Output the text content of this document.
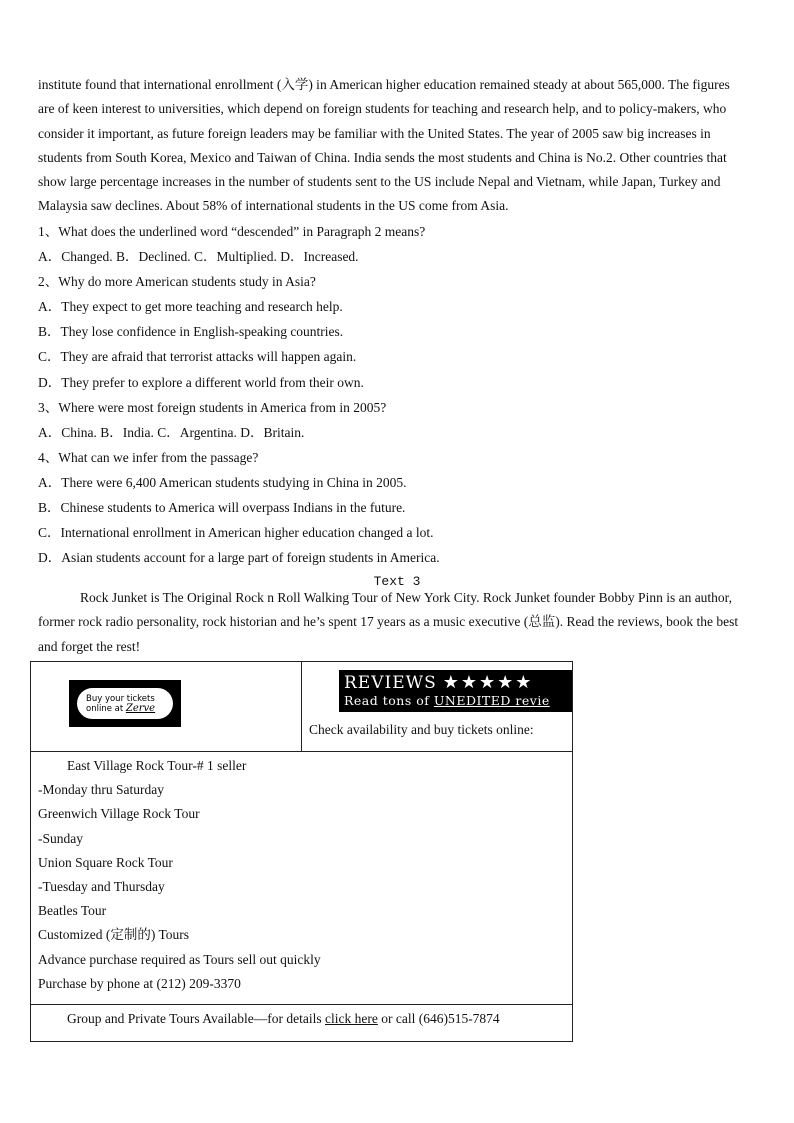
institute found that international enrollment (入学) in American higher education remained steady at about 565,000. The figures are of keen interest to universities, which depend on foreign students for teaching and research help, and to policy-makers, who consider it important, as future foreign leaders may be familiar with the United States. The year of 2005 saw big increases in students from South Korea, Mexico and Taiwan of China. India sends the most students and China is No.2. Other countries that show large percentage increases in the number of students sent to the US include Nepal and Vietnam, while Japan, Turkey and Malaysia saw declines. About 58% of international students in the US come from Asia.

1、What does the underlined word “descended” in Paragraph 2 means?
A．Changed. B．Declined. C．Multiplied. D．Increased.
2、Why do more American students study in Asia?
A．They expect to get more teaching and research help.
B．They lose confidence in English-speaking countries.
C．They are afraid that terrorist attacks will happen again.
D．They prefer to explore a different world from their own.
3、Where were most foreign students in America from in 2005?
A．China. B．India. C．Argentina. D．Britain.
4、What can we infer from the passage?
A．There were 6,400 American students studying in China in 2005.
B．Chinese students to America will overpass Indians in the future.
C．International enrollment in American higher education changed a lot.
D．Asian students account for a large part of foreign students in America.
Text 3

Rock Junket is The Original Rock n Roll Walking Tour of New York City. Rock Junket founder Bobby Pinn is an author, former rock radio personality, rock historian and he’s spent 17 years as a music executive (总监). Read the reviews, book the best and forget the rest!

Buy your tickets
online at Zerve

REVIEWS ★★★★★
Read tons of UNEDITED revie
Check availability and buy tickets online:

East Village Rock Tour-# 1 seller
-Monday thru Saturday
Greenwich Village Rock Tour
-Sunday
Union Square Rock Tour
-Tuesday and Thursday
Beatles Tour
Customized (定制的) Tours
Advance purchase required as Tours sell out quickly
Purchase by phone at (212) 209-3370

Group and Private Tours Available—for details click here or call (646)515-7874
